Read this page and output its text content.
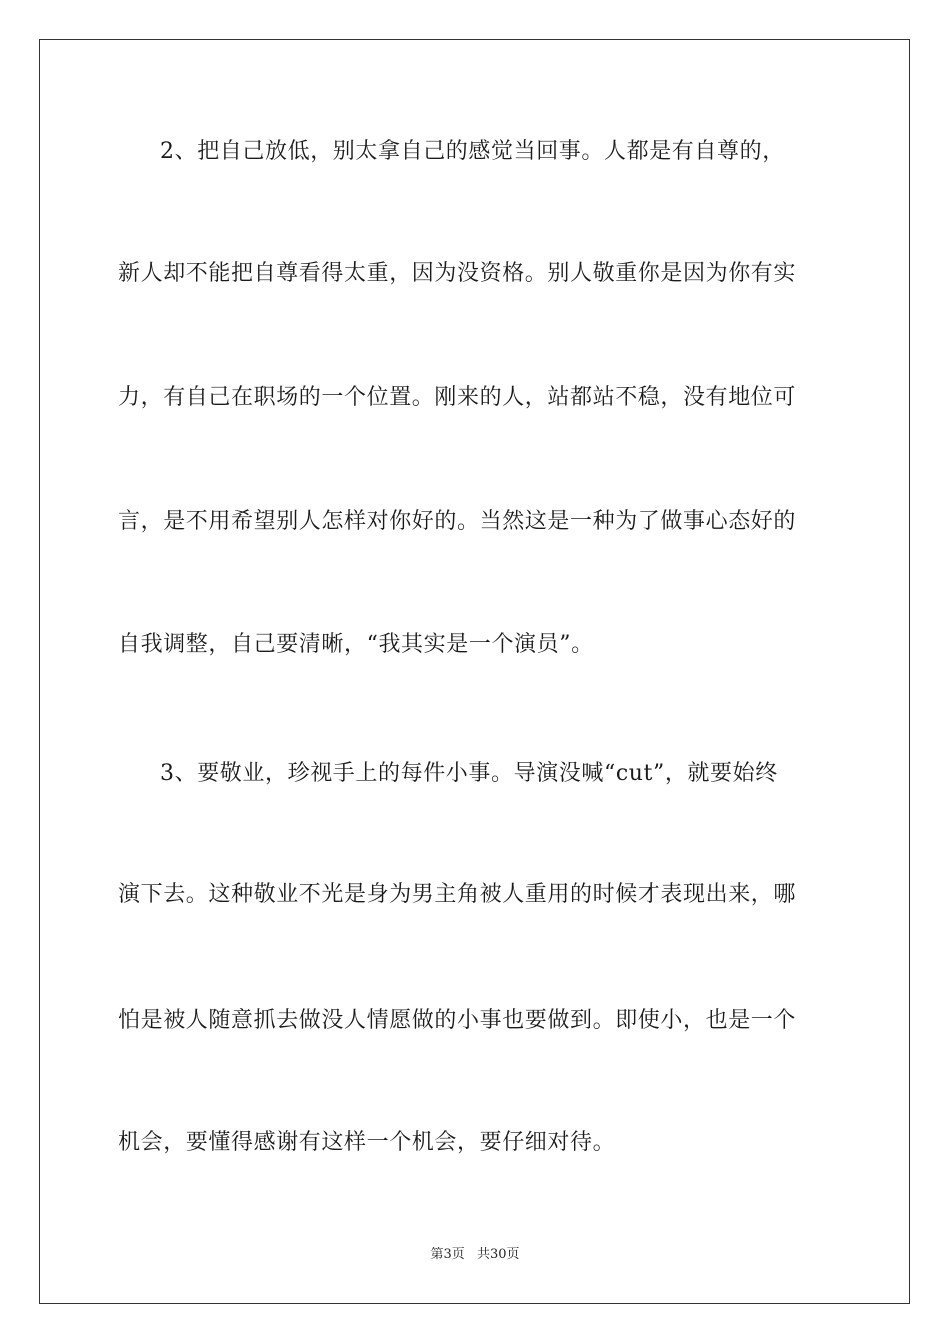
2、把自己放低，别太拿自己的感觉当回事。人都是有自尊的，
新人却不能把自尊看得太重，因为没资格。别人敬重你是因为你有实
力，有自己在职场的一个位置。刚来的人，站都站不稳，没有地位可
言，是不用希望别人怎样对你好的。当然这是一种为了做事心态好的
自我调整，自己要清晰，“我其实是一个演员”。
3、要敬业，珍视手上的每件小事。导演没喊“cut”，就要始终
演下去。这种敬业不光是身为男主角被人重用的时候才表现出来，哪
怕是被人随意抓去做没人情愿做的小事也要做到。即使小，也是一个
机会，要懂得感谢有这样一个机会，要仔细对待。
第3页 共30页
